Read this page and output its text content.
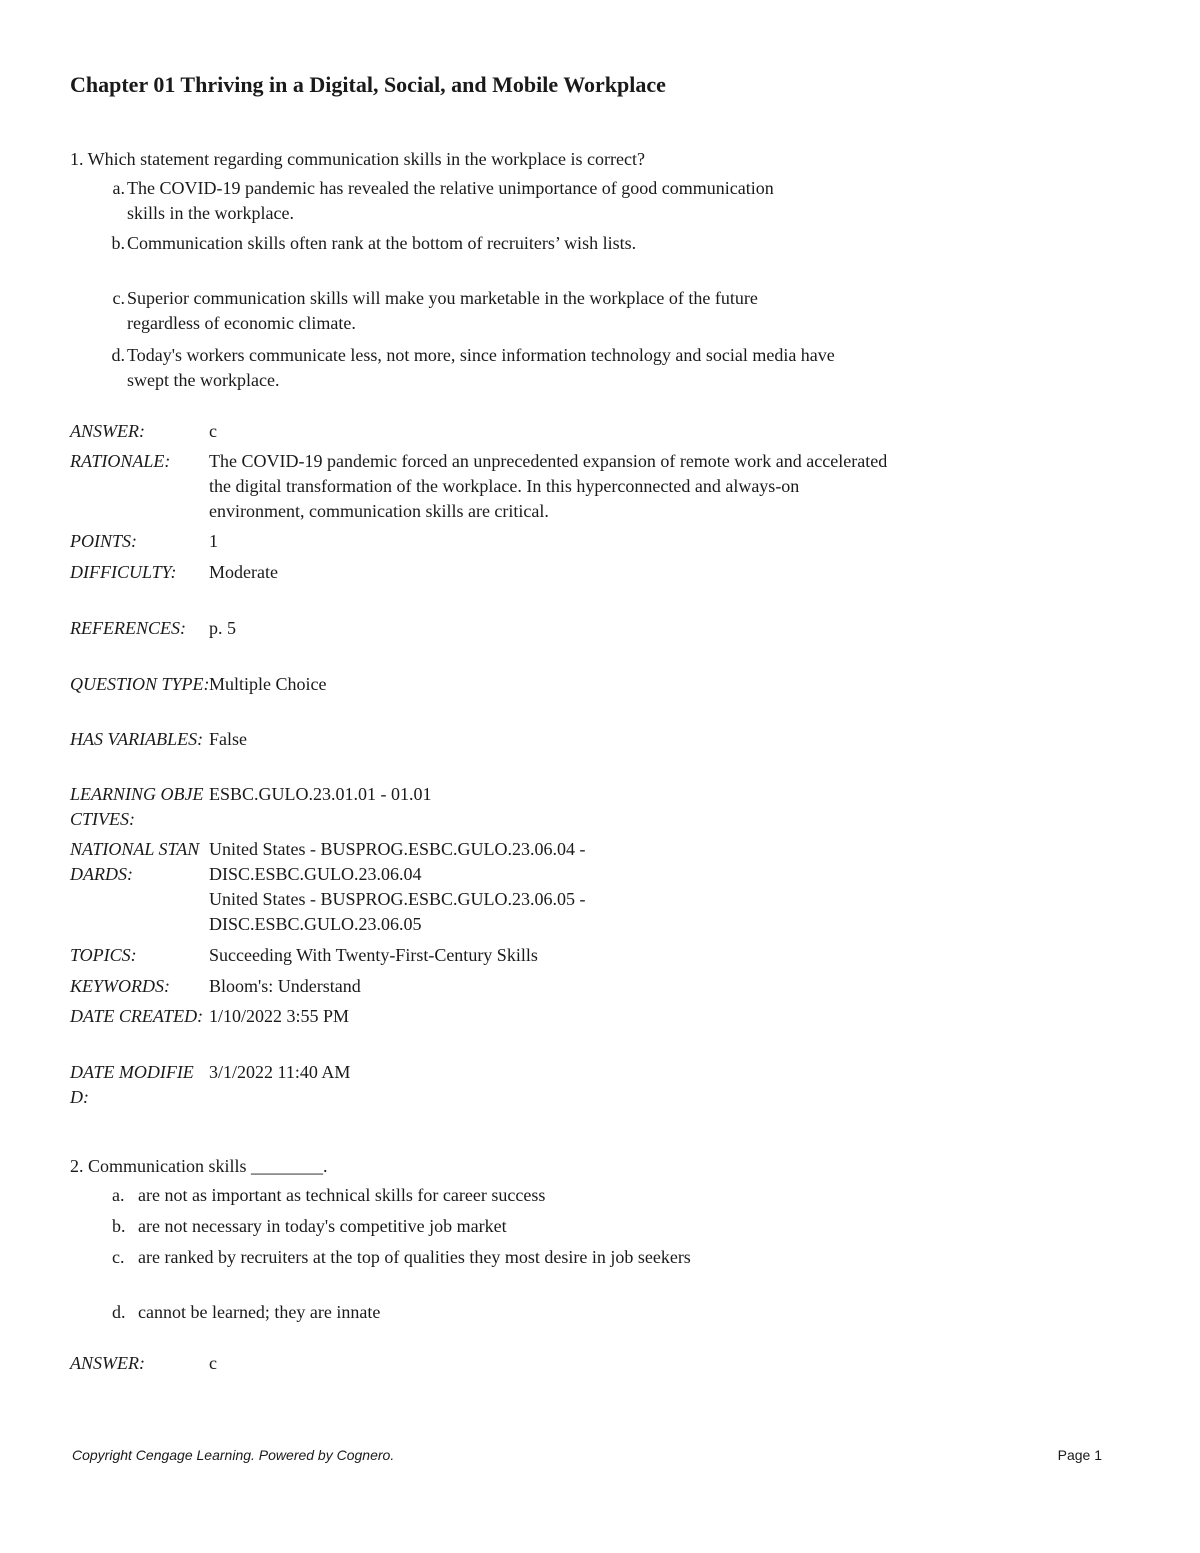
Chapter 01 Thriving in a Digital, Social, and Mobile Workplace
1. Which statement regarding communication skills in the workplace is correct?
a. The COVID-19 pandemic has revealed the relative unimportance of good communication skills in the workplace.
b. Communication skills often rank at the bottom of recruiters’ wish lists.
c. Superior communication skills will make you marketable in the workplace of the future regardless of economic climate.
Today's workers communicate less, not more, since information technology and social media have swept the workplace.
d.
ANSWER:	c
RATIONALE:	The COVID-19 pandemic forced an unprecedented expansion of remote work and accelerated the digital transformation of the workplace. In this hyperconnected and always-on environment, communication skills are critical.
POINTS:	1
DIFFICULTY:	Moderate
REFERENCES:	p. 5
QUESTION TYPE: Multiple Choice
HAS VARIABLES: False
LEARNING OBJECTIVES:
ESBC.GULO.23.01.01 - 01.01
NATIONAL STANDARDS:
United States - BUSPROG.ESBC.GULO.23.06.04 - DISC.ESBC.GULO.23.06.04
United States - BUSPROG.ESBC.GULO.23.06.05 - DISC.ESBC.GULO.23.06.05
TOPICS:	Succeeding With Twenty-First-Century Skills
KEYWORDS:	Bloom's: Understand
DATE CREATED: 1/10/2022 3:55 PM
DATE MODIFIED:
3/1/2022 11:40 AM
2. Communication skills ________.
a. are not as important as technical skills for career success
b. are not necessary in today's competitive job market
c. are ranked by recruiters at the top of qualities they most desire in job seekers
d. cannot be learned; they are innate
ANSWER:	c
Copyright Cengage Learning. Powered by Cognero.	Page 1
